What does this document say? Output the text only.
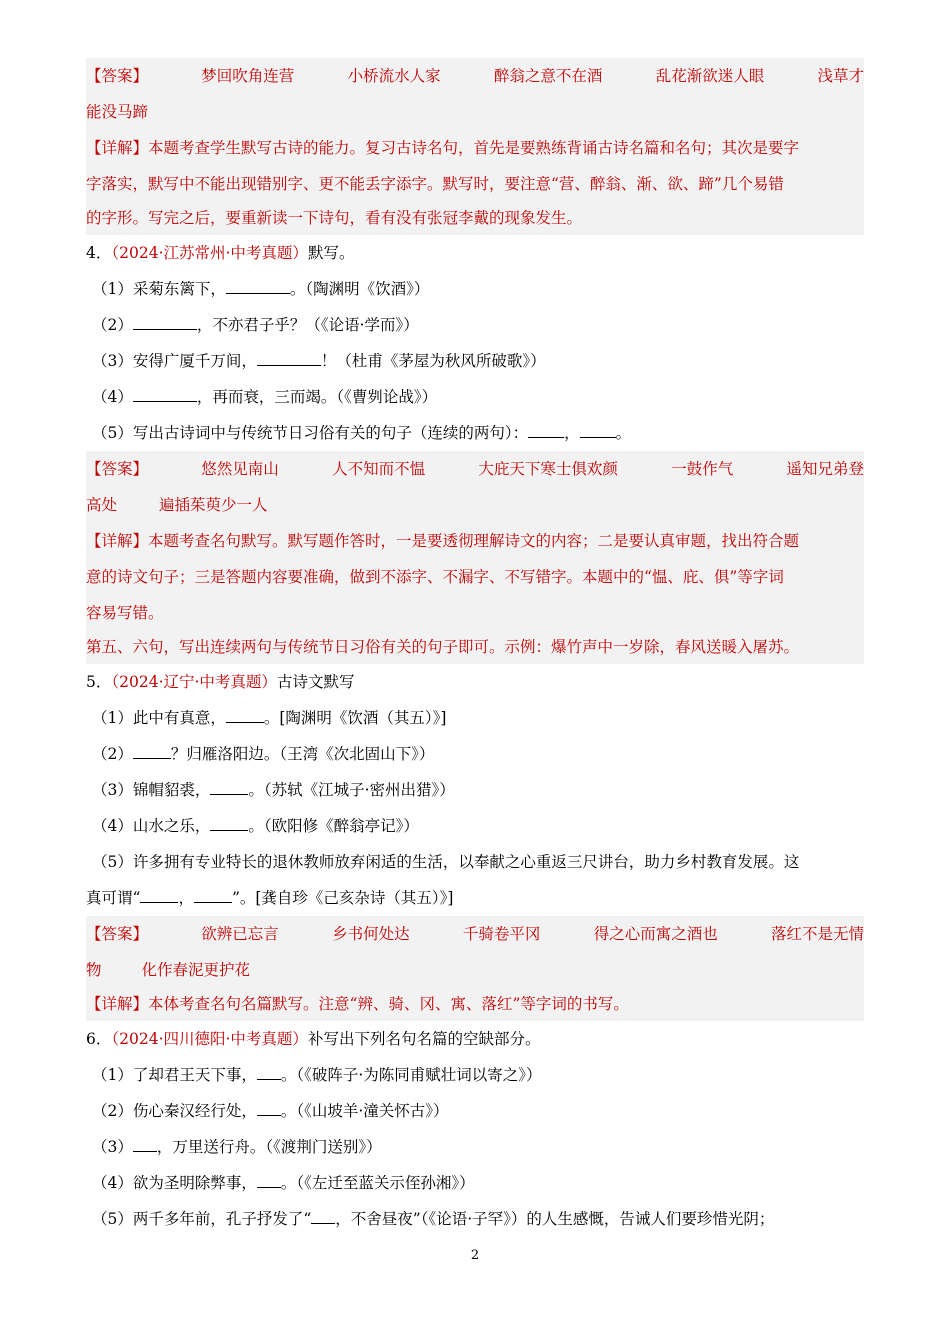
【答案】	梦回吹角连营	小桥流水人家	醉翁之意不在酒	乱花渐欲迷人眼	浅草才
能没马蹄
【详解】本题考查学生默写古诗的能力。复习古诗名句，首先是要熟练背诵古诗名篇和名句；其次是要字
字落实，默写中不能出现错别字、更不能丢字添字。默写时，要注意“营、醉翁、渐、欲、蹄”几个易错
的字形。写完之后，要重新读一下诗句，看有没有张冠李戴的现象发生。
4．（2024·江苏常州·中考真题）默写。
（1）采菊东篱下，	。（陶渊明《饮酒》）
（2）	，不亦君子乎？（《论语·学而》）
（3）安得广厦千万间，	！（杜甫《茅屋为秋风所破歌》）
（4）	，再而衰，三而竭。（《曹刿论战》）
（5）写出古诗词中与传统节日习俗有关的句子（连续的两句）： ， 。
【答案】	悠然见南山	人不知而不愠	大庇天下寒士俱欢颜	一鼓作气	遥知兄弟登
高处	遍插茱萸少一人
【详解】本题考查名句默写。默写题作答时，一是要透彻理解诗文的内容；二是要认真审题，找出符合题
意的诗文句子；三是答题内容要准确，做到不添字、不漏字、不写错字。本题中的“愠、庇、俱”等字词
容易写错。
第五、六句，写出连续两句与传统节日习俗有关的句子即可。示例：爆竹声中一岁除，春风送暖入屠苏。
5．（2024·辽宁·中考真题）古诗文默写
（1）此中有真意， 。[陶渊明《饮酒（其五）》]
（2） ？归雁洛阳边。（王湾《次北固山下》）
（3）锦帽貂裘， 。（苏轼《江城子·密州出猎》）
（4）山水之乐， 。（欧阳修《醉翁亭记》）
（5）许多拥有专业特长的退休教师放弃闲适的生活，以奉献之心重返三尺讲台，助力乡村教育发展。这
真可谓“ ， ”。[龚自珍《己亥杂诗（其五）》]
【答案】	欲辨已忘言	乡书何处达	千骑卷平冈	得之心而寓之酒也	落红不是无情
物	化作春泥更护花
【详解】本体考查名句名篇默写。注意“辨、骑、冈、寓、落红”等字词的书写。
6．（2024·四川德阳·中考真题）补写出下列名句名篇的空缺部分。
（1）了却君王天下事， 。（《破阵子·为陈同甫赋壮词以寄之》）
（2）伤心秦汉经行处， 。（《山坡羊·潼关怀古》）
（3） ，万里送行舟。（《渡荆门送别》）
（4）欲为圣明除弊事， 。（《左迁至蓝关示侄孙湘》）
（5）两千多年前，孔子抒发了“ ，不舍昼夜”（《论语·子罕》）的人生感慨，告诫人们要珍惜光阴；
2
